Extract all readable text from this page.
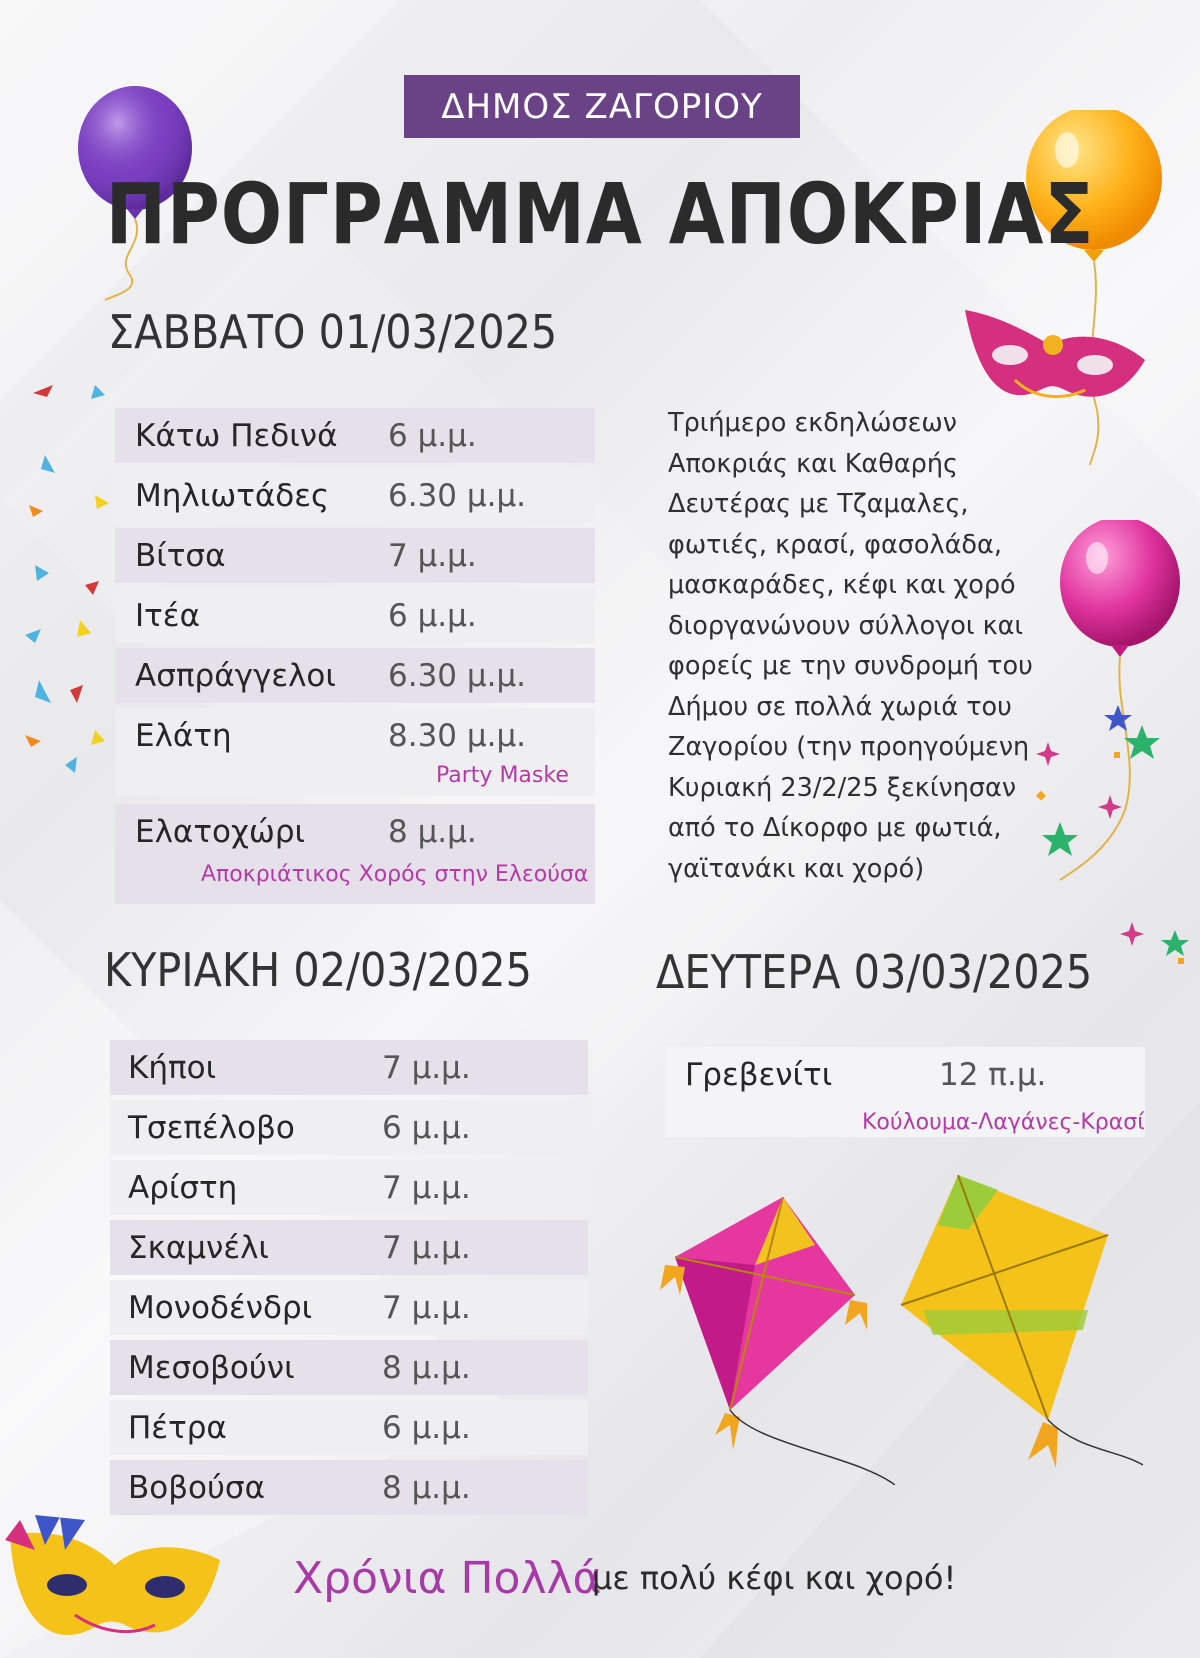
ΔΗΜΟΣ ΖΑΓΟΡΙΟΥ
ΠΡΟΓΡΑΜΜΑ ΑΠΟΚΡΙΑΣ
ΣΑΒΒΑΤΟ 01/03/2025
Κάτω Πεδινά 6 μ.μ.
Μηλιωτάδες 6.30 μ.μ.
Βίτσα	7 μ.μ.
Ιτέα	6 μ.μ.
Ασπράγγελοι 6.30 μ.μ.
Ελάτη	8.30 μ.μ.
Party Maske
Ελατοχώρι	8 μ.μ.
Αποκριάτικος Χορός στην Ελεούσα
Τριήμερο εκδηλώσεων
Αποκριάς και Καθαρής
Δευτέρας με Τζαμαλες,
φωτιές, κρασί, φασολάδα,
μασκαράδες, κέφι και χορό
διοργανώνουν σύλλογοι και
φορείς με την συνδρομή του
Δήμου σε πολλά χωριά του
Ζαγορίου (την προηγούμενη
Κυριακή 23/2/25 ξεκίνησαν
από το Δίκορφο με φωτιά,
γαϊτανάκι και χορό)
ΚΥΡΙΑΚΗ 02/03/2025
Κήποι	7 μ.μ.
Τσεπέλοβο	6 μ.μ.
Αρίστη	7 μ.μ.
Σκαμνέλι	7 μ.μ.
Μονοδένδρι 7 μ.μ.
Μεσοβούνι	8 μ.μ.
Πέτρα	6 μ.μ.
Βοβούσα	8 μ.μ.
ΔΕΥΤΕΡΑ 03/03/2025
Γρεβενίτι	12 π.μ.
Κούλουμα-Λαγάνες-Κρασί
Χρόνια Πολλά
με πολύ κέφι και χορό!
